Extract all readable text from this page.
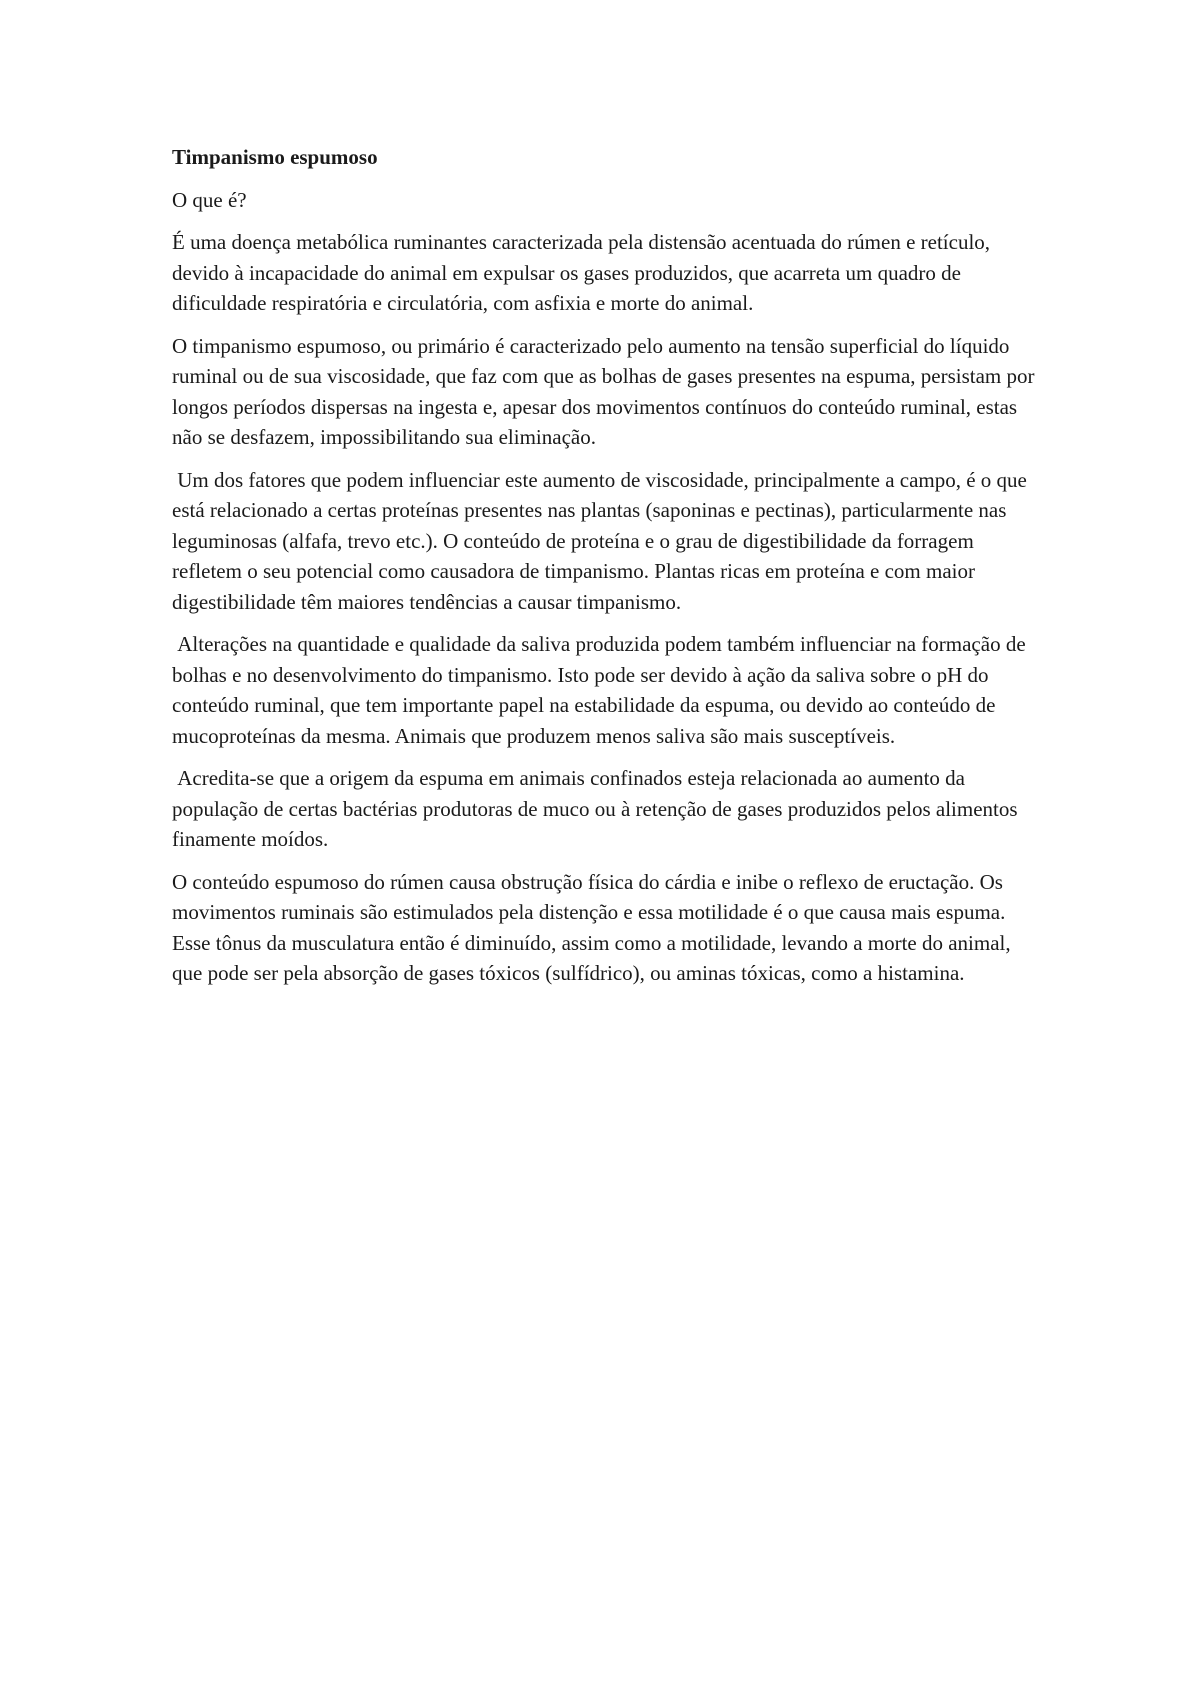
Timpanismo espumoso

O que é?

É uma doença metabólica ruminantes caracterizada pela distensão acentuada do rúmen e retículo, devido à incapacidade do animal em expulsar os gases produzidos, que acarreta um quadro de dificuldade respiratória e circulatória, com asfixia e morte do animal.

O timpanismo espumoso, ou primário é caracterizado pelo aumento na tensão superficial do líquido ruminal ou de sua viscosidade, que faz com que as bolhas de gases presentes na espuma, persistam por longos períodos dispersas na ingesta e, apesar dos movimentos contínuos do conteúdo ruminal, estas não se desfazem, impossibilitando sua eliminação.

Um dos fatores que podem influenciar este aumento de viscosidade, principalmente a campo, é o que está relacionado a certas proteínas presentes nas plantas (saponinas e pectinas), particularmente nas leguminosas (alfafa, trevo etc.). O conteúdo de proteína e o grau de digestibilidade da forragem refletem o seu potencial como causadora de timpanismo. Plantas ricas em proteína e com maior digestibilidade têm maiores tendências a causar timpanismo.

Alterações na quantidade e qualidade da saliva produzida podem também influenciar na formação de bolhas e no desenvolvimento do timpanismo. Isto pode ser devido à ação da saliva sobre o pH do conteúdo ruminal, que tem importante papel na estabilidade da espuma, ou devido ao conteúdo de mucoproteínas da mesma. Animais que produzem menos saliva são mais susceptíveis.

Acredita-se que a origem da espuma em animais confinados esteja relacionada ao aumento da população de certas bactérias produtoras de muco ou à retenção de gases produzidos pelos alimentos finamente moídos.

O conteúdo espumoso do rúmen causa obstrução física do cárdia e inibe o reflexo de eructação. Os movimentos ruminais são estimulados pela distenção e essa motilidade é o que causa mais espuma. Esse tônus da musculatura então é diminuído, assim como a motilidade, levando a morte do animal, que pode ser pela absorção de gases tóxicos (sulfídrico), ou aminas tóxicas, como a histamina.
